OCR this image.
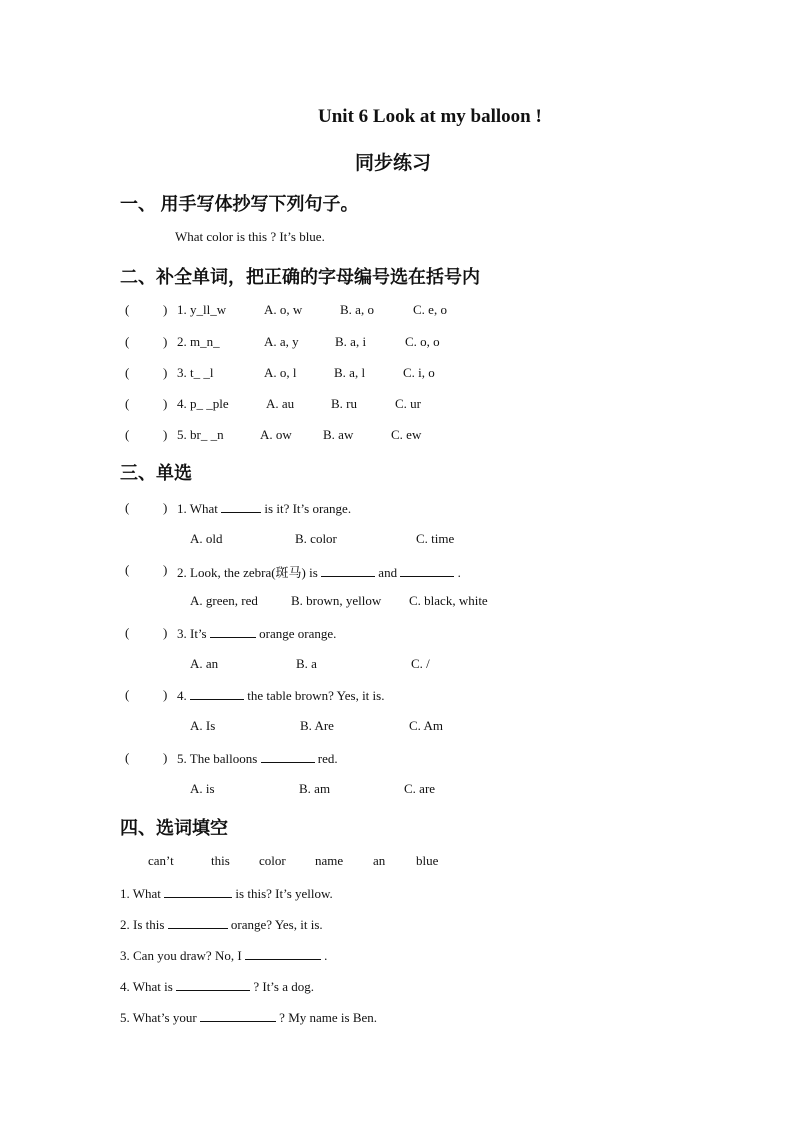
Unit 6 Look at my balloon !
同步练习
一、 用手写体抄写下列句子。
What color is this ? It’s blue.
二、补全单词，把正确的字母编号选在括号内
(	) 1. y_ll_w	A. o, w	B. a, o	C. e, o
(	) 2. m_n_	A. a, y	B. a, i	C. o, o
(	) 3. t_ _l	A. o, l	B. a, l	C. i, o
(	) 4. p_ _ple	A. au	B. ru	C. ur
(	) 5. br_ _n	A. ow B. aw	C. ew
三、单选
(	) 1. What	is it? It’s orange.
A. old	B. color	C. time
(	) 2. Look, the zebra(斑马) is	and	.
A. green, red	B. brown, yellow C. black, white
(	) 3. It’s	orange orange.
A. an	B. a	C. /
(	) 4.	the table brown? Yes, it is.
A. Is	B. Are	C. Am
(	) 5. The balloons	red.
A. is	B. am	C. are
四、选词填空
can’t	this color name an blue
1. What	is this? It’s yellow.
2. Is this	orange? Yes, it is.
3. Can you draw? No, I	.
4. What is	? It’s a dog.
5. What’s your	? My name is Ben.
